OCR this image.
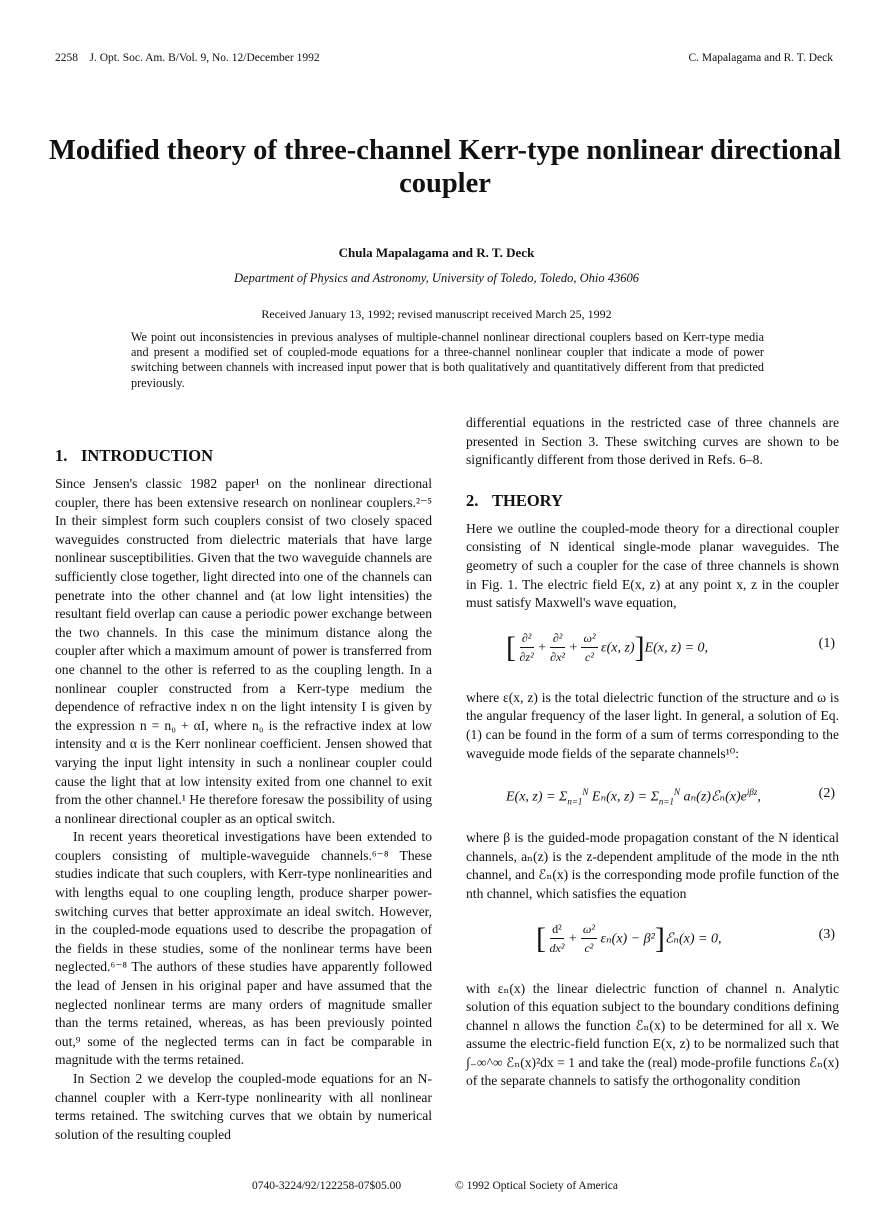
2258    J. Opt. Soc. Am. B/Vol. 9, No. 12/December 1992	C. Mapalagama and R. T. Deck
Modified theory of three-channel Kerr-type nonlinear directional coupler
Chula Mapalagama and R. T. Deck
Department of Physics and Astronomy, University of Toledo, Toledo, Ohio 43606
Received January 13, 1992; revised manuscript received March 25, 1992
We point out inconsistencies in previous analyses of multiple-channel nonlinear directional couplers based on Kerr-type media and present a modified set of coupled-mode equations for a three-channel nonlinear coupler that indicate a mode of power switching between channels with increased input power that is both qualitatively and quantitatively different from that predicted previously.
1. INTRODUCTION

Since Jensen's classic 1982 paper¹ on the nonlinear directional coupler, there has been extensive research on nonlinear couplers.²⁻⁵ In their simplest form such couplers consist of two closely spaced waveguides constructed from dielectric materials that have large nonlinear susceptibilities. Given that the two waveguide channels are sufficiently close together, light directed into one of the channels can penetrate into the other channel and (at low light intensities) the resultant field overlap can cause a periodic power exchange between the two channels. In this case the minimum distance along the coupler after which a maximum amount of power is transferred from one channel to the other is referred to as the coupling length. In a nonlinear coupler constructed from a Kerr-type medium the dependence of refractive index n on the light intensity I is given by the expression n = n₀ + αI, where n₀ is the refractive index at low intensity and α is the Kerr nonlinear coefficient. Jensen showed that varying the input light intensity in such a nonlinear coupler could cause the light that at low intensity exited from one channel to exit from the other channel.¹ He therefore foresaw the possibility of using a nonlinear directional coupler as an optical switch.

In recent years theoretical investigations have been extended to couplers consisting of multiple-waveguide channels.⁶⁻⁸ These studies indicate that such couplers, with Kerr-type nonlinearities and with lengths equal to one coupling length, produce sharper power-switching curves that better approximate an ideal switch. However, in the coupled-mode equations used to describe the propagation of the fields in these studies, some of the nonlinear terms have been neglected.⁶⁻⁸ The authors of these studies have apparently followed the lead of Jensen in his original paper and have assumed that the neglected nonlinear terms are many orders of magnitude smaller than the terms retained, whereas, as has been previously pointed out,⁹ some of the neglected terms can in fact be comparable in magnitude with the terms retained.

In Section 2 we develop the coupled-mode equations for an N-channel coupler with a Kerr-type nonlinearity with all nonlinear terms retained. The switching curves that we obtain by numerical solution of the resulting coupled

differential equations in the restricted case of three channels are presented in Section 3. These switching curves are shown to be significantly different from those derived in Refs. 6–8.

2. THEORY

Here we outline the coupled-mode theory for a directional coupler consisting of N identical single-mode planar waveguides. The geometry of such a coupler for the case of three channels is shown in Fig. 1. The electric field E(x, z) at any point x, z in the coupler must satisfy Maxwell's wave equation,

[ $\frac{\text{∂²}}{\text{∂z²}} + \frac{\text{∂²}}{\text{∂x²}} + \frac{\text{ω²}}{\text{c²}} \varepsilon(x$, z)]E(x, z) = 0,	(1)

where ε(x, z) is the total dielectric function of the structure and ω is the angular frequency of the laser light. In general, a solution of Eq. (1) can be found in the form of a sum of terms corresponding to the waveguide mode fields of the separate channels¹⁰:

E(x, $z) = \Sigma_{n=1}^N$ Eₙ(x, $z) = \Sigma_{n=1}^N$ $a_n(z)ℰ_n(x)e^{i\beta z}$,	(2)

where β is the guided-mode propagation constant of the N identical channels, aₙ(z) is the z-dependent amplitude of the mode in the nth channel, and ℰₙ(x) is the corresponding mode profile function of the nth channel, which satisfies the equation

[ $\frac{\text{d²}}{\text{dx²}} + \frac{\text{ω²}}{\text{c²}} \varepsilon_n(x)$ − β²]ℰₙ(x) = 0,	(3)

with εₙ(x) the linear dielectric function of channel n. Analytic solution of this equation subject to the boundary conditions defining channel n allows the function ℰₙ(x) to be determined for all x. We assume the electric-field function E(x, z) to be normalized such that ∫₋∞^∞ ℰₙ(x)²dx = 1 and take the (real) mode-profile functions ℰₙ(x) of the separate channels to satisfy the orthogonality condition

0740-3224/92/122258-07$05.00	© 1992 Optical Society of America
